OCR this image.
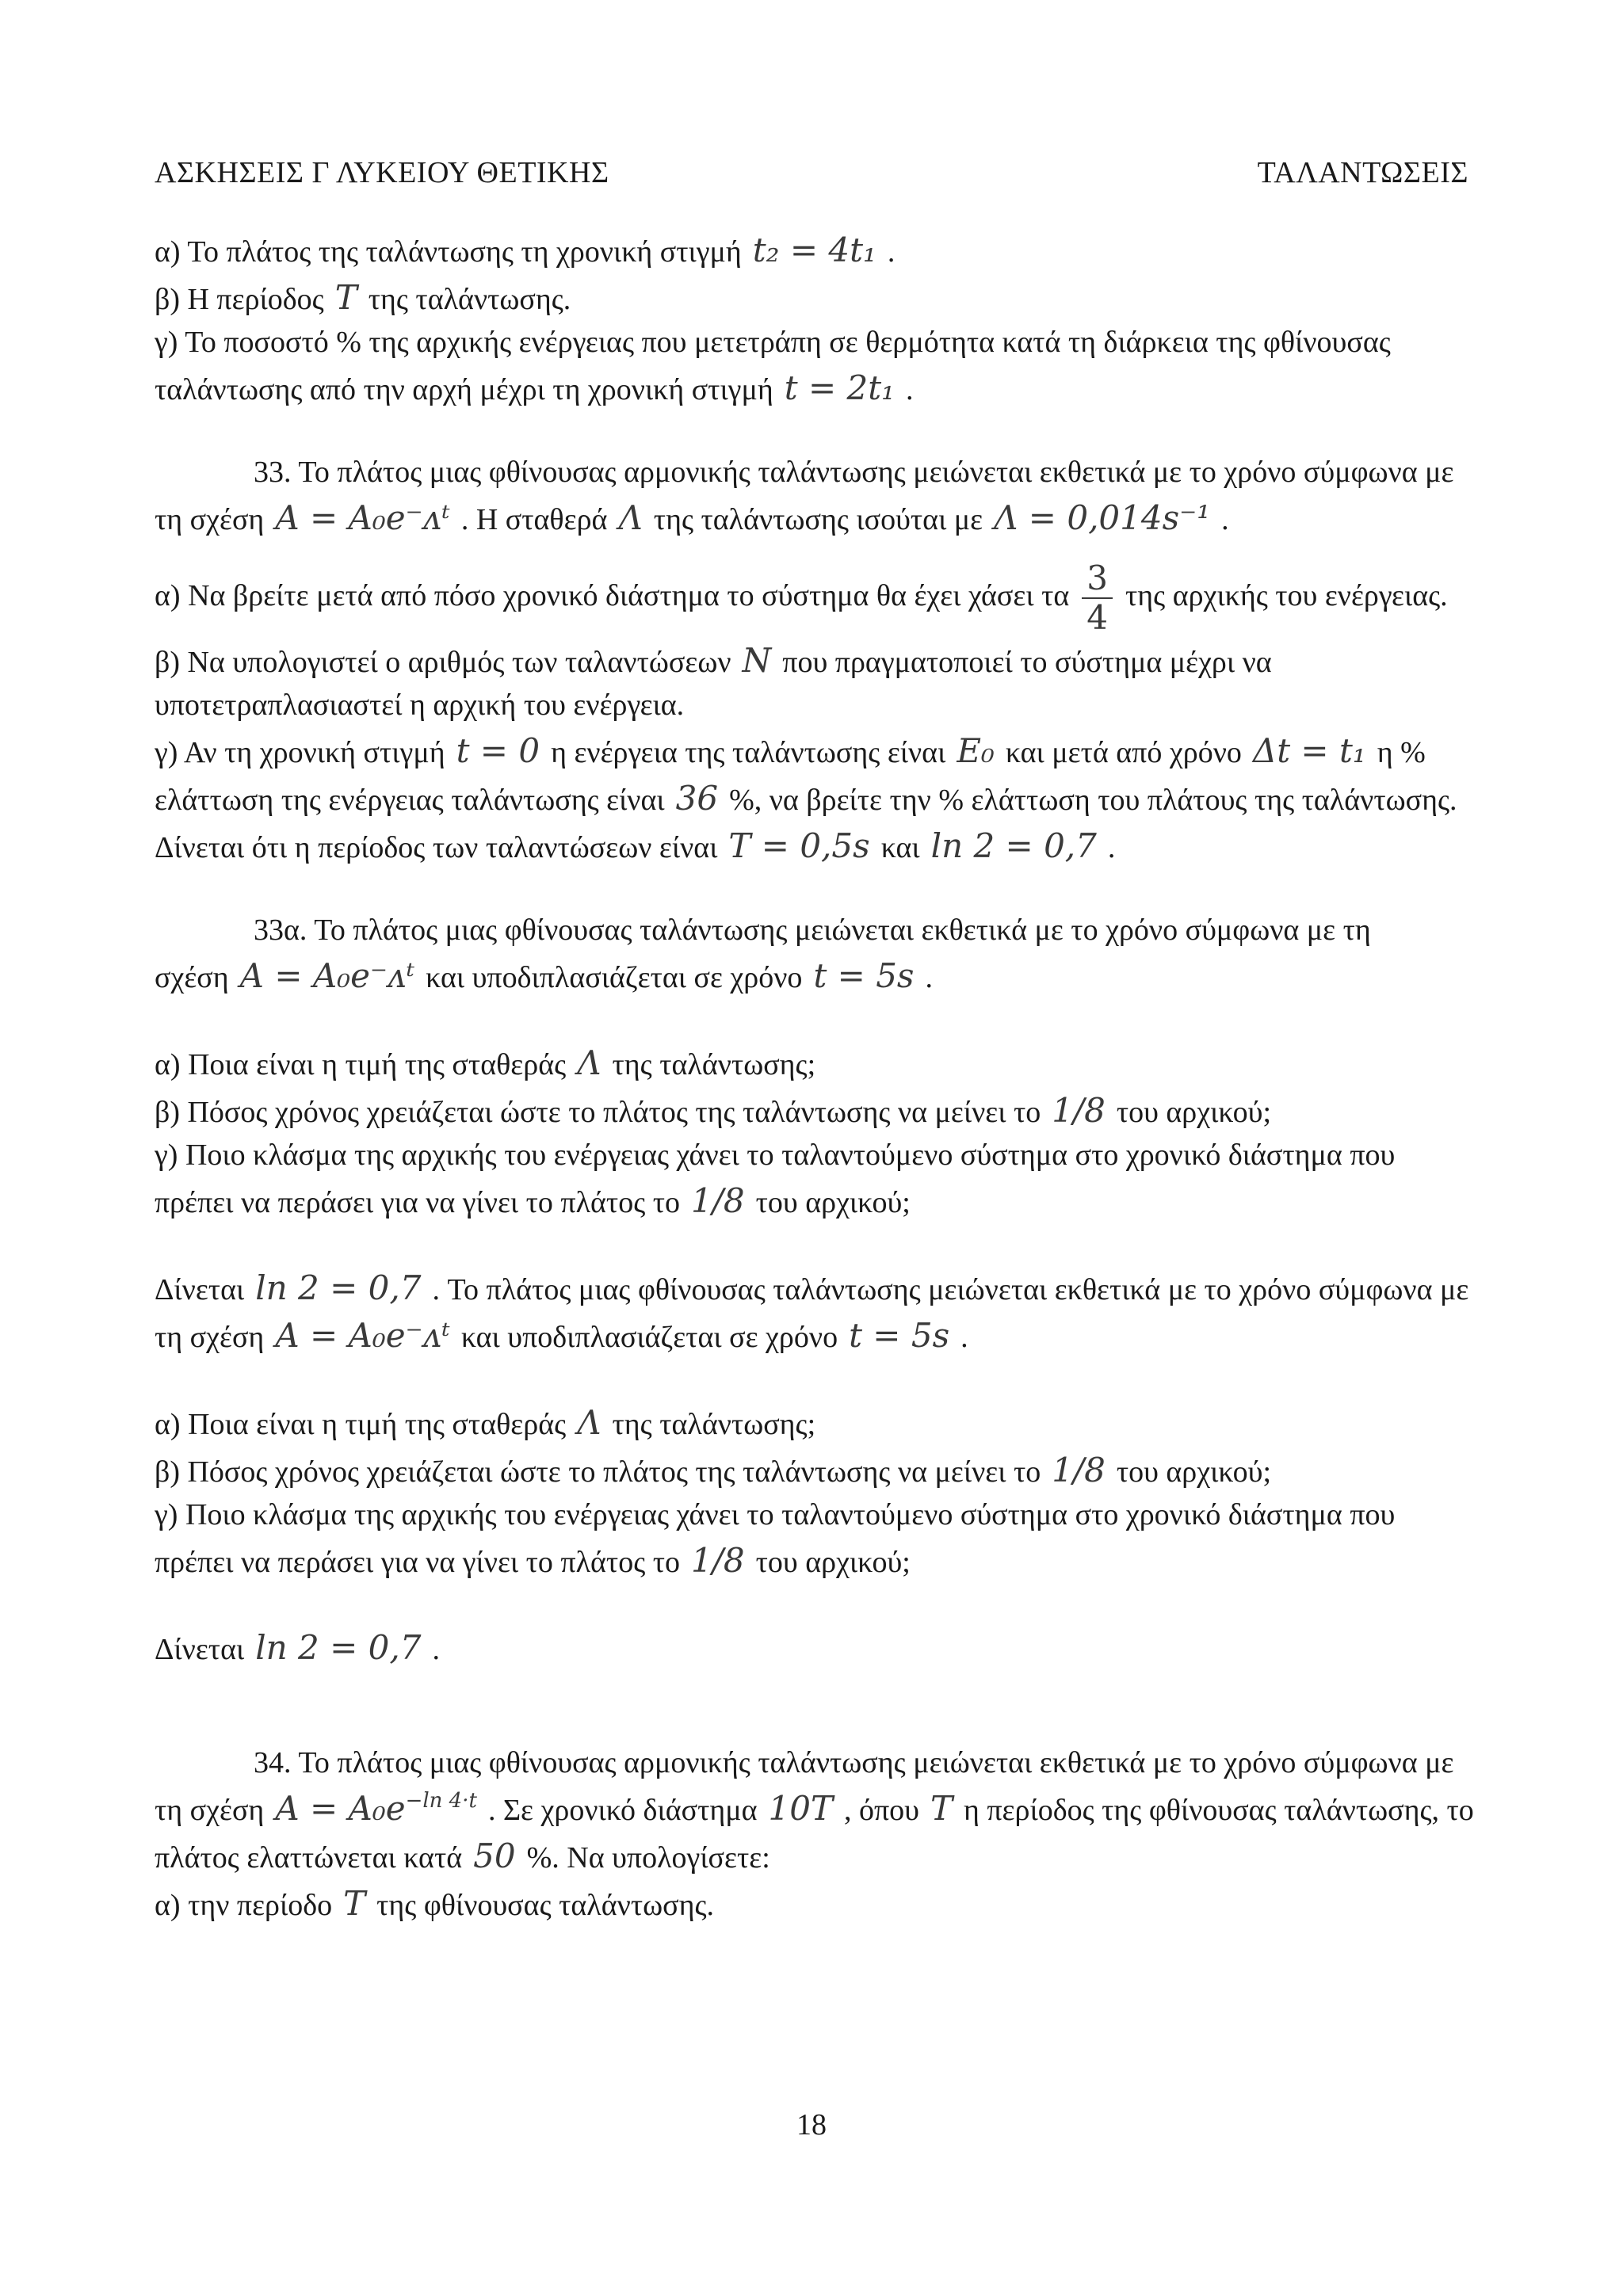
ΑΣΚΗΣΕΙΣ Γ ΛΥΚΕΙΟΥ ΘΕΤΙΚΗΣ	ΤΑΛΑΝΤΩΣΕΙΣ

α) Το πλάτος της ταλάντωσης τη χρονική στιγμή t₂ = 4t₁ .

β) Η περίοδος T της ταλάντωσης.

γ) Το ποσοστό % της αρχικής ενέργειας που μετετράπη σε θερμότητα κατά τη διάρκεια της φθίνουσας ταλάντωσης από την αρχή μέχρι τη χρονική στιγμή t = 2t₁ .

33. Το πλάτος μιας φθίνουσας αρμονικής ταλάντωσης μειώνεται εκθετικά με το χρόνο σύμφωνα με τη σχέση A = A₀e⁻ᴧᵗ . Η σταθερά Λ της ταλάντωσης ισούται με Λ = 0,014s⁻¹ .

α) Να βρείτε μετά από πόσο χρονικό διάστημα το σύστημα θα έχει χάσει τα $\frac{3}{4}$ της αρχικής του ενέργειας.

β) Να υπολογιστεί ο αριθμός των ταλαντώσεων N που πραγματοποιεί το σύστημα μέχρι να υποτετραπλασιαστεί η αρχική του ενέργεια.

γ) Αν τη χρονική στιγμή t = 0 η ενέργεια της ταλάντωσης είναι E₀ και μετά από χρόνο Δt = t₁ η % ελάττωση της ενέργειας ταλάντωσης είναι 36 %, να βρείτε την % ελάττωση του πλάτους της ταλάντωσης.

Δίνεται ότι η περίοδος των ταλαντώσεων είναι T = 0,5s και ln 2 = 0,7 .

33α. Το πλάτος μιας φθίνουσας ταλάντωσης μειώνεται εκθετικά με το χρόνο σύμφωνα με τη σχέση A = A₀e⁻ᴧᵗ και υποδιπλασιάζεται σε χρόνο t = 5s .

α) Ποια είναι η τιμή της σταθεράς Λ της ταλάντωσης;

β) Πόσος χρόνος χρειάζεται ώστε το πλάτος της ταλάντωσης να μείνει το 1/8 του αρχικού;

γ) Ποιο κλάσμα της αρχικής του ενέργειας χάνει το ταλαντούμενο σύστημα στο χρονικό διάστημα που πρέπει να περάσει για να γίνει το πλάτος το 1/8 του αρχικού;

Δίνεται ln 2 = 0,7 . Το πλάτος μιας φθίνουσας ταλάντωσης μειώνεται εκθετικά με το χρόνο σύμφωνα με τη σχέση A = A₀e⁻ᴧᵗ και υποδιπλασιάζεται σε χρόνο t = 5s .

α) Ποια είναι η τιμή της σταθεράς Λ της ταλάντωσης;

β) Πόσος χρόνος χρειάζεται ώστε το πλάτος της ταλάντωσης να μείνει το 1/8 του αρχικού;

γ) Ποιο κλάσμα της αρχικής του ενέργειας χάνει το ταλαντούμενο σύστημα στο χρονικό διάστημα που πρέπει να περάσει για να γίνει το πλάτος το 1/8 του αρχικού;

Δίνεται ln 2 = 0,7 .

34. Το πλάτος μιας φθίνουσας αρμονικής ταλάντωσης μειώνεται εκθετικά με το χρόνο σύμφωνα με τη σχέση $A = A_0e^{-ln 4\cdot t}$ . Σε χρονικό διάστημα 10T , όπου T η περίοδος της φθίνουσας ταλάντωσης, το πλάτος ελαττώνεται κατά 50 %. Να υπολογίσετε:

α) την περίοδο T της φθίνουσας ταλάντωσης.

18
